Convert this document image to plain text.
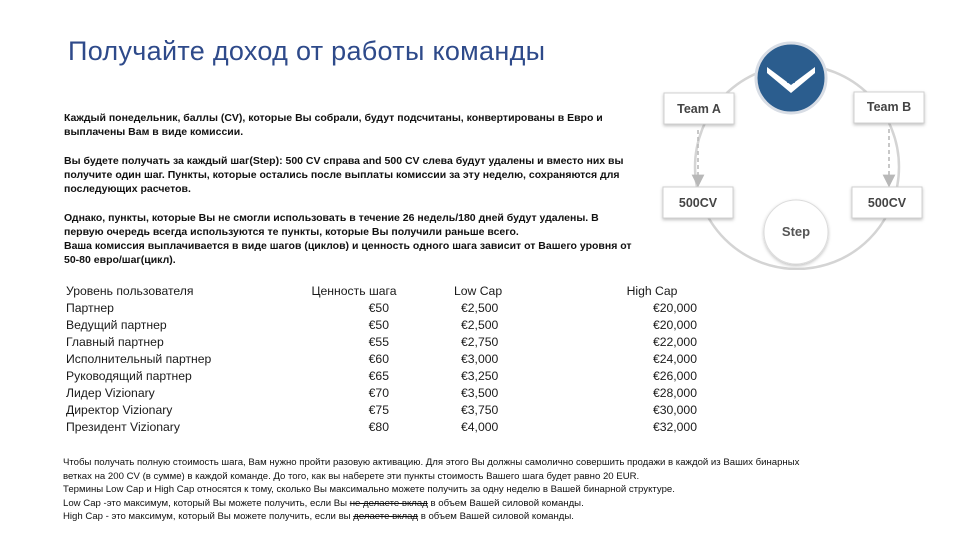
Получайте доход от работы команды
Каждый понедельник, баллы (CV), которые Вы собрали, будут подсчитаны, конвертированы в Евро и выплачены Вам в виде комиссии.
Вы будете получать за каждый шаг(Step): 500 CV справа and 500 CV слева будут удалены и вместо них вы получите один шаг. Пункты, которые остались после выплаты комиссии за эту неделю, сохраняются для последующих расчетов.
Однако, пункты, которые Вы не смогли использовать в течение 26 недель/180 дней будут удалены. В первую очередь всегда используются те пункты, которые Вы получили раньше всего.
Ваша комиссия выплачивается в виде шагов (циклов) и ценность одного шага зависит от Вашего уровня от 50-80 евро/шаг(цикл).
Уровень пользователя	Ценность шага	Low Cap	High Cap
Партнер	€50	€2,500	€20,000
Ведущий партнер	€50	€2,500	€20,000
Главный партнер	€55	€2,750	€22,000
Исполнительный партнер	€60	€3,000	€24,000
Руководящий партнер	€65	€3,250	€26,000
Лидер Vizionary	€70	€3,500	€28,000
Директор Vizionary	€75	€3,750	€30,000
Президент Vizionary	€80	€4,000	€32,000
Чтобы получать полную стоимость шага, Вам нужно пройти разовую активацию. Для этого Вы должны самолично совершить продажи в каждой из Ваших бинарных
ветках на 200 CV (в сумме) в каждой команде. До того, как вы наберете эти пункты стоимость Вашего шага будет равно 20 EUR.
Термины Low Cap и High Cap относятся к тому, сколько Вы максимально можете получить за одну неделю в Вашей бинарной структуре.
Low Cap -это максимум, который Вы можете получить, если Вы не делаете вклад в объем Вашей силовой команды.
High Cap - это максимум, который Вы можете получить, если вы делаете вклад в объем Вашей силовой команды.
Team A	Team B
500CV	500CV
Step
